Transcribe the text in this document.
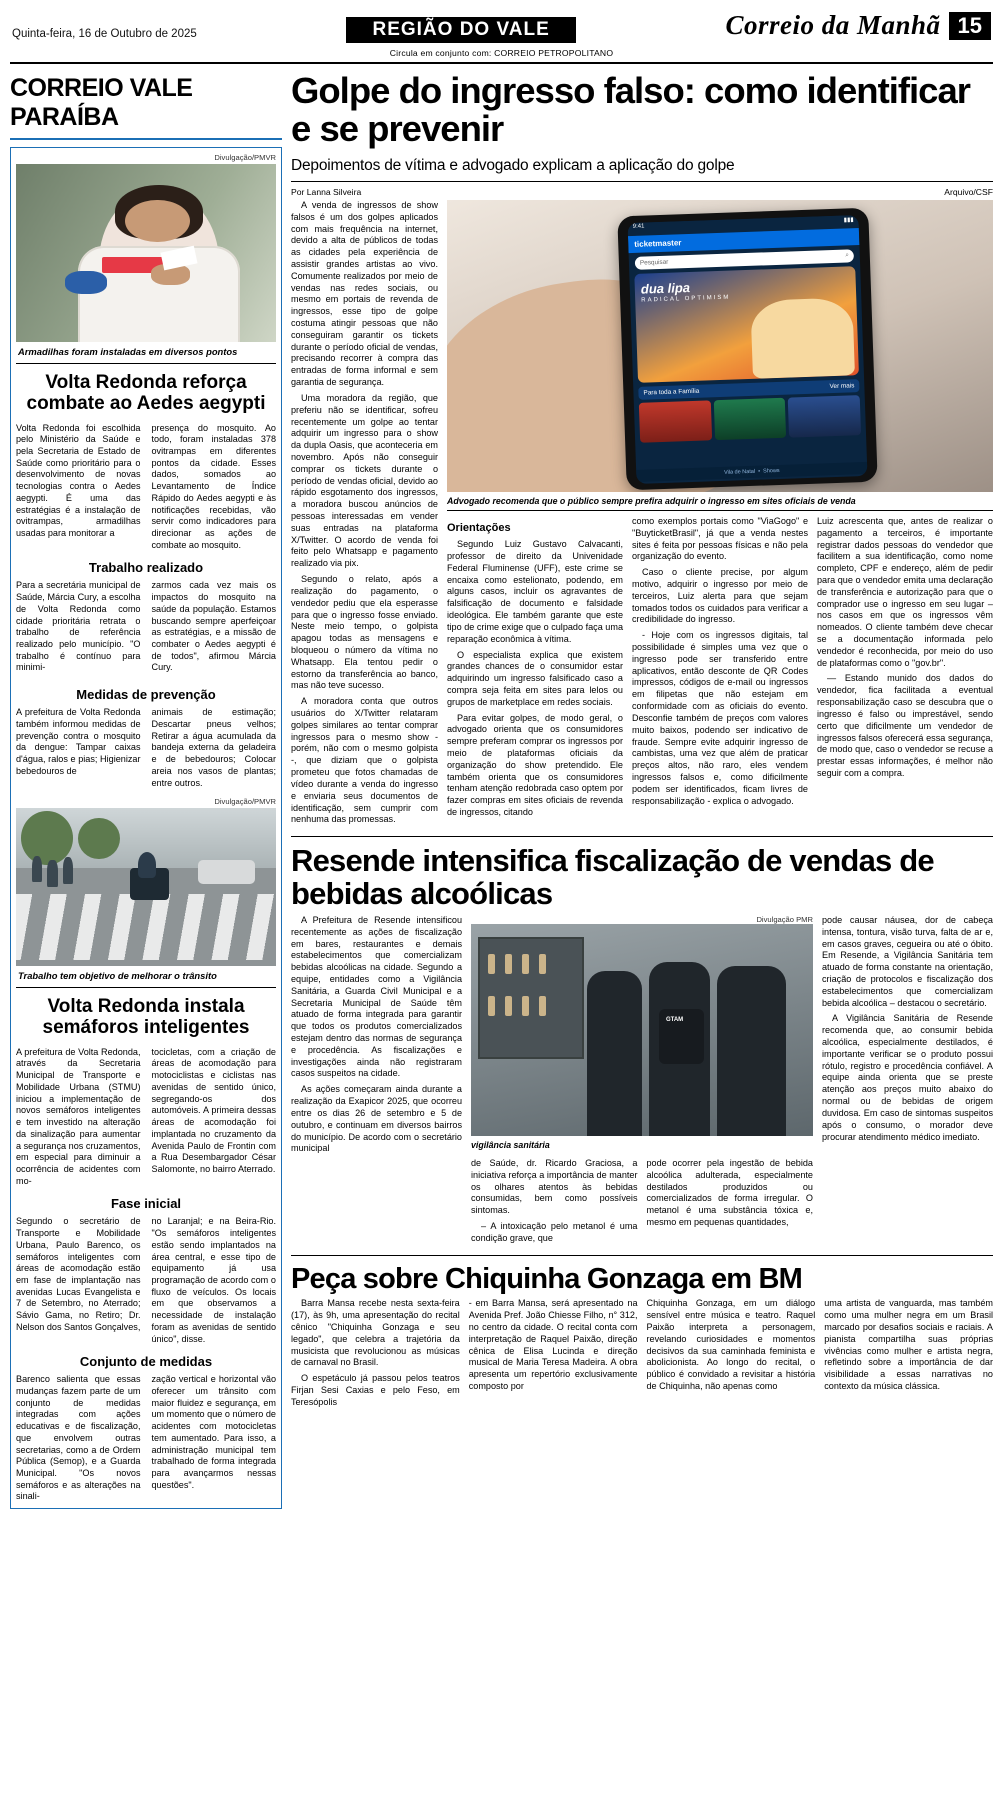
Quinta-feira, 16 de Outubro de 2025	REGIÃO DO VALE	Correio da Manhã 15
Circula em conjunto com: CORREIO PETROPOLITANO
CORREIO VALE PARAÍBA
Divulgação/PMVR
Armadilhas foram instaladas em diversos pontos
Volta Redonda reforça combate ao Aedes aegypti

Volta Redonda foi escolhida pelo Ministério da Saúde e pela Secretaria de Estado de Saúde como prioritário para o desenvolvimento de novas tecnologias contra o Aedes aegypti. É uma das estratégias é a instalação de ovitrampas, armadilhas usadas para monitorar a

presença do mosquito. Ao todo, foram instaladas 378 ovitrampas em diferentes pontos da cidade. Esses dados, somados ao Levantamento de Índice Rápido do Aedes aegypti e às notificações recebidas, vão servir como indicadores para direcionar as ações de combate ao mosquito.

Trabalho realizado

Para a secretária municipal de Saúde, Márcia Cury, a escolha de Volta Redonda como cidade prioritária retrata o trabalho de referência realizado pelo município. "O trabalho é contínuo para minimi-

zarmos cada vez mais os impactos do mosquito na saúde da população. Estamos buscando sempre aperfeiçoar as estratégias, e a missão de combater o Aedes aegypti é de todos", afirmou Márcia Cury.

Medidas de prevenção

A prefeitura de Volta Redonda também informou medidas de prevenção contra o mosquito da dengue: Tampar caixas d'água, ralos e pias; Higienizar bebedouros de

animais de estimação; Descartar pneus velhos; Retirar a água acumulada da bandeja externa da geladeira e de bebedouros; Colocar areia nos vasos de plantas; entre outros.

Divulgação/PMVR
Trabalho tem objetivo de melhorar o trânsito
Volta Redonda instala semáforos inteligentes

A prefeitura de Volta Redonda, através da Secretaria Municipal de Transporte e Mobilidade Urbana (STMU) iniciou a implementação de novos semáforos inteligentes e tem investido na alteração da sinalização para aumentar a segurança nos cruzamentos, em especial para diminuir a ocorrência de acidentes com mo-

tocicletas, com a criação de áreas de acomodação para motociclistas e ciclistas nas avenidas de sentido único, segregando-os dos automóveis. A primeira dessas áreas de acomodação foi implantada no cruzamento da Avenida Paulo de Frontin com a Rua Desembargador César Salomonte, no bairro Aterrado.

Fase inicial

Segundo o secretário de Transporte e Mobilidade Urbana, Paulo Barenco, os semáforos inteligentes com áreas de acomodação estão em fase de implantação nas avenidas Lucas Evangelista e 7 de Setembro, no Aterrado; Sávio Gama, no Retiro; Dr. Nelson dos Santos Gonçalves,

no Laranjal; e na Beira-Rio. "Os semáforos inteligentes estão sendo implantados na área central, e esse tipo de equipamento já usa programação de acordo com o fluxo de veículos. Os locais em que observamos a necessidade de instalação foram as avenidas de sentido único", disse.

Conjunto de medidas

Barenco salienta que essas mudanças fazem parte de um conjunto de medidas integradas com ações educativas e de fiscalização, que envolvem outras secretarias, como a de Ordem Pública (Semop), e a Guarda Municipal. "Os novos semáforos e as alterações na sinali-

zação vertical e horizontal vão oferecer um trânsito com maior fluidez e segurança, em um momento que o número de acidentes com motocicletas tem aumentado. Para isso, a administração municipal tem trabalhado de forma integrada para avançarmos nessas questões".

Golpe do ingresso falso: como identificar e se prevenir
Depoimentos de vítima e advogado explicam a aplicação do golpe
Por Lanna Silveira	Arquivo/CSF

A venda de ingressos de show falsos é um dos golpes aplicados com mais frequência na internet, devido a alta de públicos de todas as cidades pela experiência de assistir grandes artistas ao vivo. Comumente realizados por meio de vendas nas redes sociais, ou mesmo em portais de revenda de ingressos, esse tipo de golpe costuma atingir pessoas que não conseguiram garantir os tickets durante o período oficial de vendas, precisando recorrer à compra das entradas de forma informal e sem garantia de segurança.

Uma moradora da região, que preferiu não se identificar, sofreu recentemente um golpe ao tentar adquirir um ingresso para o show da dupla Oasis, que aconteceria em novembro. Após não conseguir comprar os tickets durante o período de vendas oficial, devido ao rápido esgotamento dos ingressos, a moradora buscou anúncios de pessoas interessadas em vender suas entradas na plataforma X/Twitter. O acordo de venda foi feito pelo Whatsapp e pagamento realizado via pix.

Segundo o relato, após a realização do pagamento, o vendedor pediu que ela esperasse para que o ingresso fosse enviado. Neste meio tempo, o golpista apagou todas as mensagens e bloqueou o número da vítima no Whatsapp. Ela tentou pedir o estorno da transferência ao banco, mas não teve sucesso.

A moradora conta que outros usuários do X/Twitter relataram golpes similares ao tentar comprar ingressos para o mesmo show - porém, não com o mesmo golpista -, que diziam que o golpista prometeu que fotos chamadas de vídeo durante a venda do ingresso e enviaria seus documentos de identificação, sem cumprir com nenhuma das promessas.

9:41
▮▮▮
ticketmaster
Pesquisar
⌕
dua lipa
RADICAL OPTIMISM
Para toda a Família
Ver mais
Vila de Natal  •  Shows
Advogado recomenda que o público sempre prefira adquirir o ingresso em sites oficiais de venda
Orientações

Segundo Luiz Gustavo Calvacanti, professor de direito da Univenidade Federal Fluminense (UFF), este crime se encaixa como estelionato, podendo, em alguns casos, incluir os agravantes de falsificação de documento e falsidade ideológica. Ele também garante que este tipo de crime exige que o culpado faça uma reparação econômica à vítima.

O especialista explica que existem grandes chances de o consumidor estar adquirindo um ingresso falsificado caso a compra seja feita em sites para lelos ou grupos de marketplace em redes sociais.

Para evitar golpes, de modo geral, o advogado orienta que os consumidores sempre preferam comprar os ingressos por meio de plataformas oficiais da organização do show pretendido. Ele também orienta que os consumidores tenham atenção redobrada caso optem por fazer compras em sites oficiais de revenda de ingressos, citando

como exemplos portais como "ViaGogo" e "BuyticketBrasil", já que a venda nestes sites é feita por pessoas físicas e não pela organização do evento.

Caso o cliente precise, por algum motivo, adquirir o ingresso por meio de terceiros, Luiz alerta para que sejam tomados todos os cuidados para verificar a credibilidade do ingresso.

- Hoje com os ingressos digitais, tal possibilidade é simples uma vez que o ingresso pode ser transferido entre aplicativos, então desconte de QR Codes impressos, códigos de e-mail ou ingressos em filipetas que não estejam em conformidade com as oficiais do evento. Desconfie também de preços com valores muito baixos, podendo ser indicativo de fraude. Sempre evite adquirir ingresso de cambistas, uma vez que além de praticar preços altos, não raro, eles vendem ingressos falsos e, como dificilmente podem ser identificados, ficam livres de responsabilização - explica o advogado.

Luiz acrescenta que, antes de realizar o pagamento a terceiros, é importante registrar dados pessoas do vendedor que facilitem a sua identificação, como nome completo, CPF e endereço, além de pedir para que o vendedor emita uma declaração de transferência e autorização para que o comprador use o ingresso em seu lugar – nos casos em que os ingressos vêm nomeados. O cliente também deve checar se a documentação informada pelo vendedor é reconhecida, por meio do uso de plataformas como o "gov.br".

— Estando munido dos dados do vendedor, fica facilitada a eventual responsabilização caso se descubra que o ingresso é falso ou imprestável, sendo certo que dificilmente um vendedor de ingressos falsos oferecerá essa segurança, de modo que, caso o vendedor se recuse a prestar essas informações, é melhor não seguir com a compra.

Resende intensifica fiscalização de vendas de bebidas alcoólicas

A Prefeitura de Resende intensificou recentemente as ações de fiscalização em bares, restaurantes e demais estabelecimentos que comercializam bebidas alcoólicas na cidade. Segundo a equipe, entidades como a Vigilância Sanitária, a Guarda Civil Municipal e a Secretaria Municipal de Saúde têm atuado de forma integrada para garantir que todos os produtos comercializados estejam dentro das normas de segurança e procedência. As fiscalizações e investigações ainda não registraram casos suspeitos na cidade.

As ações começaram ainda durante a realização da Exapicor 2025, que ocorreu entre os dias 26 de setembro e 5 de outubro, e continuam em diversos bairros do município. De acordo com o secretário municipal

Divulgação PMR
GTAM
vigilância sanitária

de Saúde, dr. Ricardo Graciosa, a iniciativa reforça a importância de manter os olhares atentos às bebidas consumidas, bem como possíveis sintomas.

– A intoxicação pelo metanol é uma condição grave, que

pode ocorrer pela ingestão de bebida alcoólica adulterada, especialmente destilados produzidos ou comercializados de forma irregular. O metanol é uma substância tóxica e, mesmo em pequenas quantidades,

pode causar náusea, dor de cabeça intensa, tontura, visão turva, falta de ar e, em casos graves, cegueira ou até o óbito. Em Resende, a Vigilância Sanitária tem atuado de forma constante na orientação, criação de protocolos e fiscalização dos estabelecimentos que comercializam bebida alcoólica – destacou o secretário.

A Vigilância Sanitária de Resende recomenda que, ao consumir bebida alcoólica, especialmente destilados, é importante verificar se o produto possui rótulo, registro e procedência confiável. A equipe ainda orienta que se preste atenção aos preços muito abaixo do normal ou de bebidas de origem duvidosa. Em caso de sintomas suspeitos após o consumo, o morador deve procurar atendimento médico imediato.

Peça sobre Chiquinha Gonzaga em BM

Barra Mansa recebe nesta sexta-feira (17), às 9h, uma apresentação do recital cênico "Chiquinha Gonzaga e seu legado", que celebra a trajetória da musicista que revolucionou as músicas de carnaval no Brasil.

O espetáculo já passou pelos teatros Firjan Sesi Caxias e pelo Feso, em Teresópolis

- em Barra Mansa, será apresentado na Avenida Pref. João Chiesse Filho, n° 312, no centro da cidade. O recital conta com interpretação de Raquel Paixão, direção cênica de Elisa Lucinda e direção musical de Maria Teresa Madeira. A obra apresenta um repertório exclusivamente composto por

Chiquinha Gonzaga, em um diálogo sensível entre música e teatro. Raquel Paixão interpreta a personagem, revelando curiosidades e momentos decisivos da sua caminhada feminista e abolicionista. Ao longo do recital, o público é convidado a revisitar a história de Chiquinha, não apenas como

uma artista de vanguarda, mas também como uma mulher negra em um Brasil marcado por desafios sociais e raciais. A pianista compartilha suas próprias vivências como mulher e artista negra, refletindo sobre a importância de dar visibilidade a essas narrativas no contexto da música clássica.
